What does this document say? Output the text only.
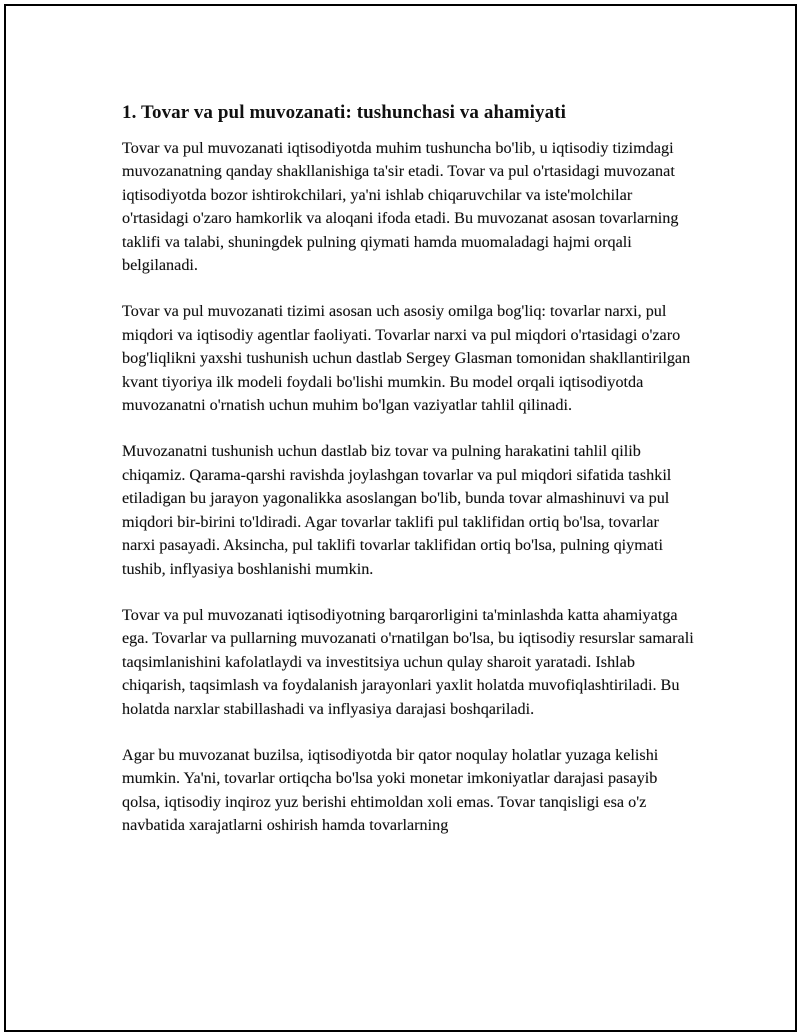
1. Tovar va pul muvozanati: tushunchasi va ahamiyati

Tovar va pul muvozanati iqtisodiyotda muhim tushuncha bo'lib, u iqtisodiy tizimdagi muvozanatning qanday shakllanishiga ta'sir etadi. Tovar va pul o'rtasidagi muvozanat iqtisodiyotda bozor ishtirokchilari, ya'ni ishlab chiqaruvchilar va iste'molchilar o'rtasidagi o'zaro hamkorlik va aloqani ifoda etadi. Bu muvozanat asosan tovarlarning taklifi va talabi, shuningdek pulning qiymati hamda muomaladagi hajmi orqali belgilanadi.

Tovar va pul muvozanati tizimi asosan uch asosiy omilga bog'liq: tovarlar narxi, pul miqdori va iqtisodiy agentlar faoliyati. Tovarlar narxi va pul miqdori o'rtasidagi o'zaro bog'liqlikni yaxshi tushunish uchun dastlab Sergey Glasman tomonidan shakllantirilgan kvant tiyoriya ilk modeli foydali bo'lishi mumkin. Bu model orqali iqtisodiyotda muvozanatni o'rnatish uchun muhim bo'lgan vaziyatlar tahlil qilinadi.

Muvozanatni tushunish uchun dastlab biz tovar va pulning harakatini tahlil qilib chiqamiz. Qarama-qarshi ravishda joylashgan tovarlar va pul miqdori sifatida tashkil etiladigan bu jarayon yagonalikka asoslangan bo'lib, bunda tovar almashinuvi va pul miqdori bir-birini to'ldiradi. Agar tovarlar taklifi pul taklifidan ortiq bo'lsa, tovarlar narxi pasayadi. Aksincha, pul taklifi tovarlar taklifidan ortiq bo'lsa, pulning qiymati tushib, inflyasiya boshlanishi mumkin.

Tovar va pul muvozanati iqtisodiyotning barqarorligini ta'minlashda katta ahamiyatga ega. Tovarlar va pullarning muvozanati o'rnatilgan bo'lsa, bu iqtisodiy resurslar samarali taqsimlanishini kafolatlaydi va investitsiya uchun qulay sharoit yaratadi. Ishlab chiqarish, taqsimlash va foydalanish jarayonlari yaxlit holatda muvofiqlashtiriladi. Bu holatda narxlar stabillashadi va inflyasiya darajasi boshqariladi.

Agar bu muvozanat buzilsa, iqtisodiyotda bir qator noqulay holatlar yuzaga kelishi mumkin. Ya'ni, tovarlar ortiqcha bo'lsa yoki monetar imkoniyatlar darajasi pasayib qolsa, iqtisodiy inqiroz yuz berishi ehtimoldan xoli emas. Tovar tanqisligi esa o'z navbatida xarajatlarni oshirish hamda tovarlarning
